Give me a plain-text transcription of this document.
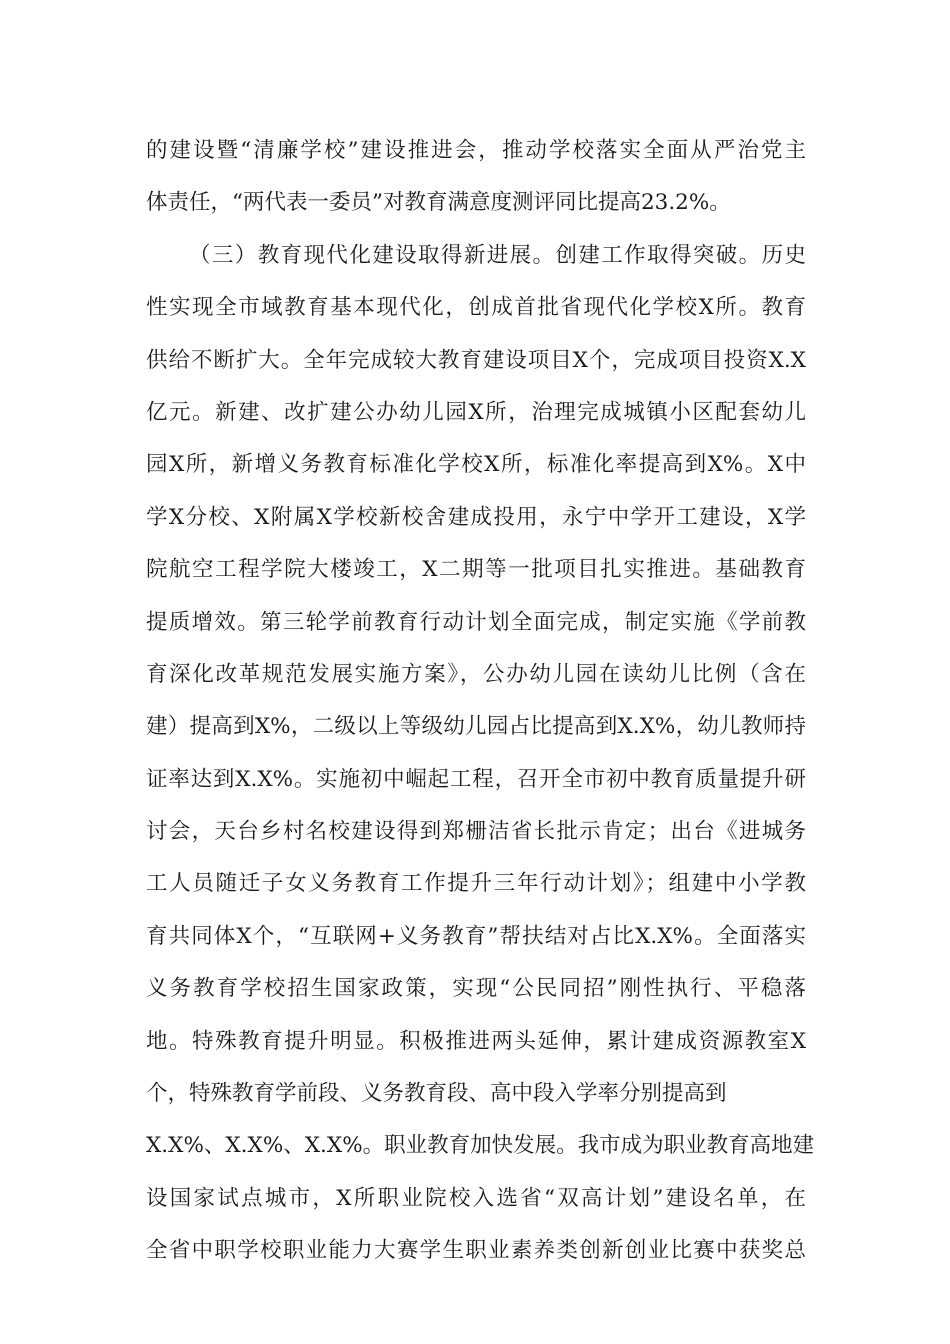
的建设暨“清廉学校”建设推进会，推动学校落实全面从严治党主
体责任，“两代表一委员”对教育满意度测评同比提高23.2%。
（三）教育现代化建设取得新进展。创建工作取得突破。历史
性实现全市域教育基本现代化，创成首批省现代化学校X所。教育
供给不断扩大。全年完成较大教育建设项目X个，完成项目投资X.X
亿元。新建、改扩建公办幼儿园X所，治理完成城镇小区配套幼儿
园X所，新增义务教育标准化学校X所，标准化率提高到X%。X中
学X分校、X附属X学校新校舍建成投用，永宁中学开工建设，X学
院航空工程学院大楼竣工，X二期等一批项目扎实推进。基础教育
提质增效。第三轮学前教育行动计划全面完成，制定实施《学前教
育深化改革规范发展实施方案》，公办幼儿园在读幼儿比例（含在
建）提高到X%，二级以上等级幼儿园占比提高到X.X%，幼儿教师持
证率达到X.X%。实施初中崛起工程，召开全市初中教育质量提升研
讨会，天台乡村名校建设得到郑栅洁省长批示肯定；出台《进城务
工人员随迁子女义务教育工作提升三年行动计划》；组建中小学教
育共同体X个，“互联网+义务教育”帮扶结对占比X.X%。全面落实
义务教育学校招生国家政策，实现“公民同招”刚性执行、平稳落
地。特殊教育提升明显。积极推进两头延伸，累计建成资源教室X
个，特殊教育学前段、义务教育段、高中段入学率分别提高到
X.X%、X.X%、X.X%。职业教育加快发展。我市成为职业教育高地建
设国家试点城市，X所职业院校入选省“双高计划”建设名单，在
全省中职学校职业能力大赛学生职业素养类创新创业比赛中获奖总
